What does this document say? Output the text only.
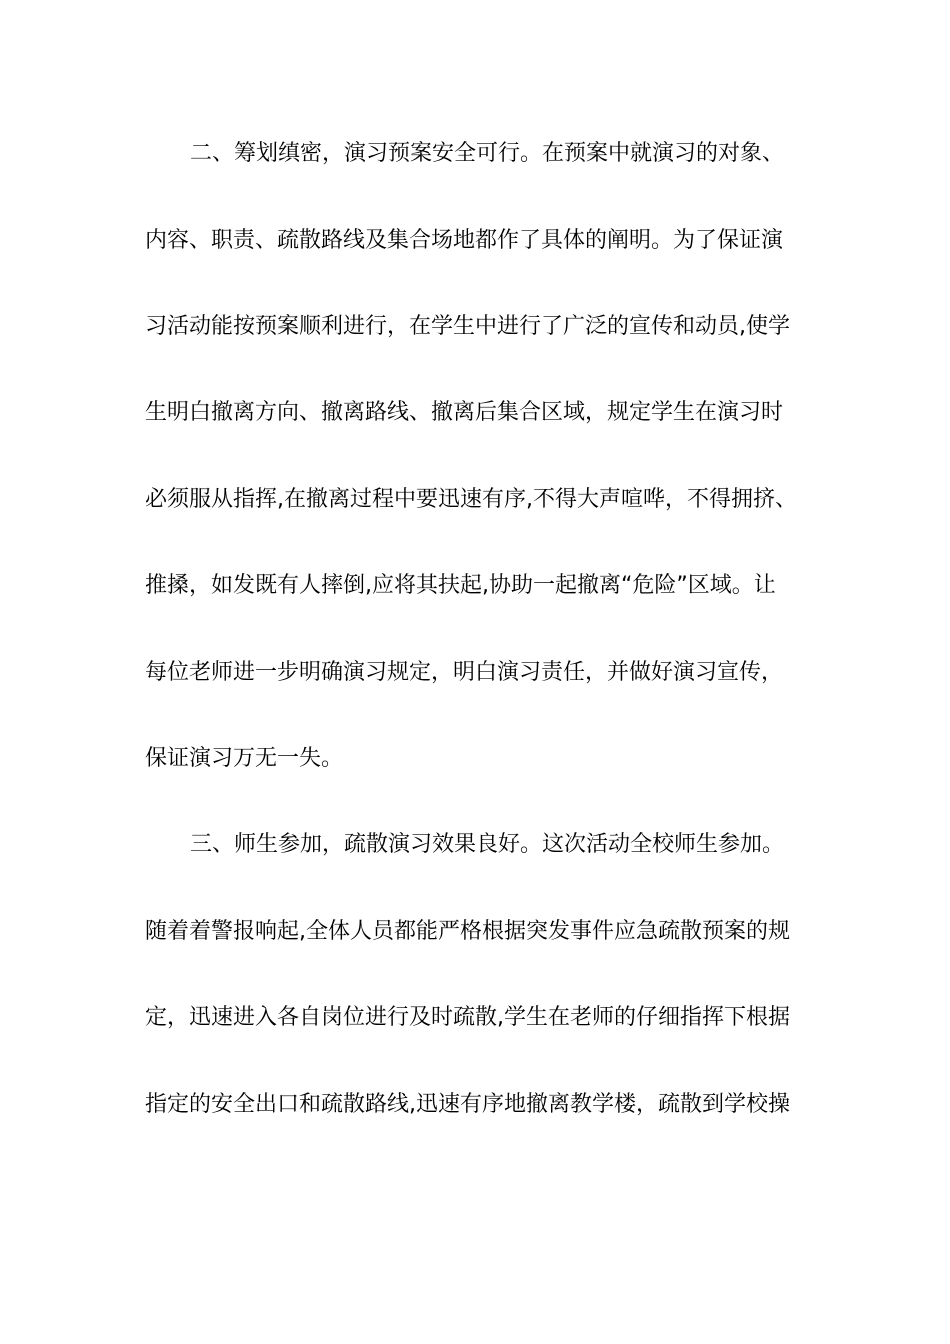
二、筹划缜密，演习预案安全可行。在预案中就演习的对象、
内容、职责、疏散路线及集合场地都作了具体的阐明。为了保证演
习活动能按预案顺利进行，在学生中进行了广泛的宣传和动员,使学
生明白撤离方向、撤离路线、撤离后集合区域，规定学生在演习时
必须服从指挥,在撤离过程中要迅速有序,不得大声喧哗，不得拥挤、
推搡，如发既有人摔倒,应将其扶起,协助一起撤离“危险”区域。让
每位老师进一步明确演习规定，明白演习责任，并做好演习宣传，
保证演习万无一失。
三、师生参加，疏散演习效果良好。这次活动全校师生参加。
随着着警报响起,全体人员都能严格根据突发事件应急疏散预案的规
定，迅速进入各自岗位进行及时疏散,学生在老师的仔细指挥下根据
指定的安全出口和疏散路线,迅速有序地撤离教学楼，疏散到学校操
